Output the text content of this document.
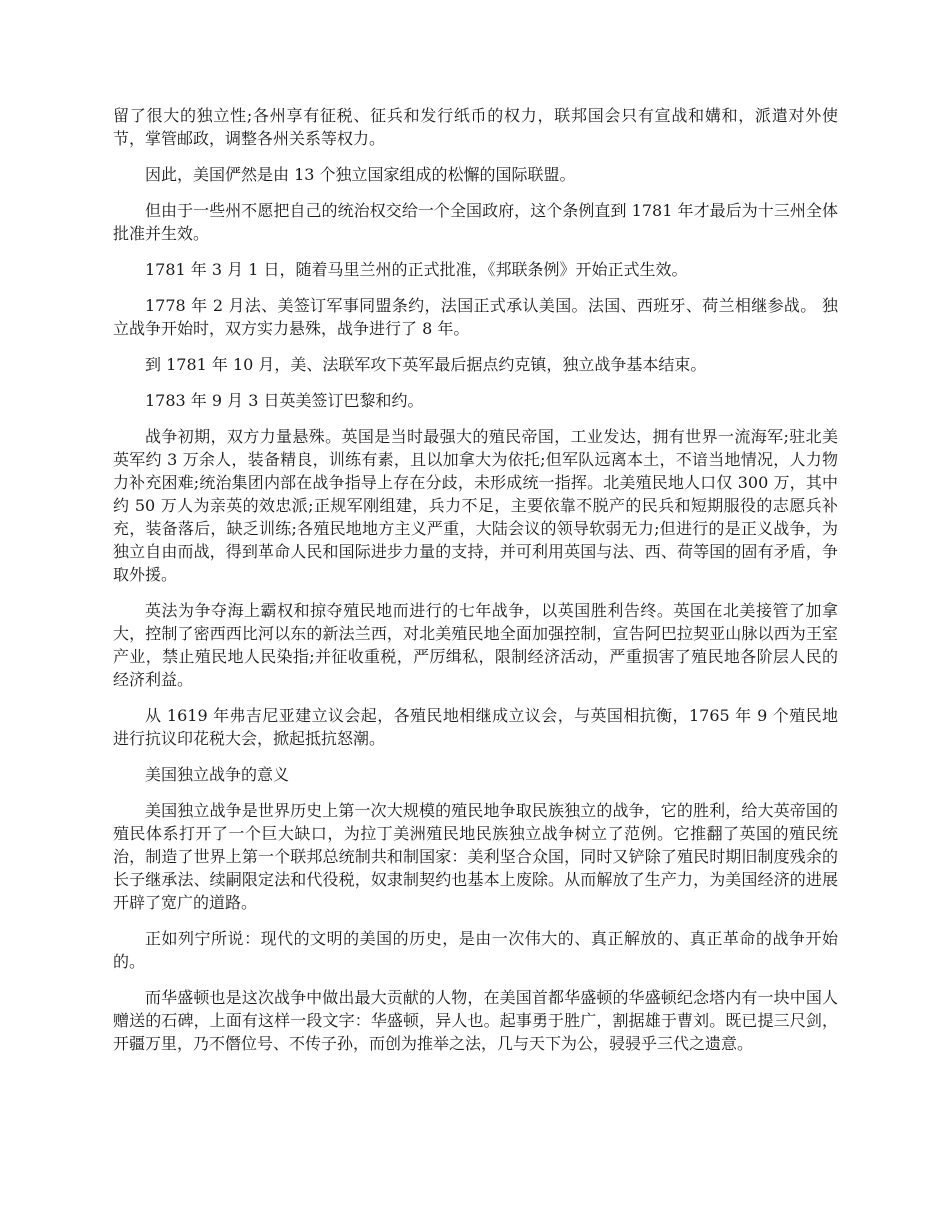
留了很大的独立性;各州享有征税、征兵和发行纸币的权力，联邦国会只有宣战和媾和，派遣对外使节，掌管邮政，调整各州关系等权力。

因此，美国俨然是由 13 个独立国家组成的松懈的国际联盟。

但由于一些州不愿把自己的统治权交给一个全国政府，这个条例直到 1781 年才最后为十三州全体批准并生效。

1781 年 3 月 1 日，随着马里兰州的正式批准，《邦联条例》开始正式生效。

1778 年 2 月法、美签订军事同盟条约，法国正式承认美国。法国、西班牙、荷兰相继参战。 独立战争开始时，双方实力悬殊，战争进行了 8 年。

到 1781 年 10 月，美、法联军攻下英军最后据点约克镇，独立战争基本结束。

1783 年 9 月 3 日英美签订巴黎和约。

战争初期，双方力量悬殊。英国是当时最强大的殖民帝国，工业发达，拥有世界一流海军;驻北美英军约 3 万余人，装备精良，训练有素，且以加拿大为依托;但军队远离本土，不谙当地情况，人力物力补充困难;统治集团内部在战争指导上存在分歧，未形成统一指挥。北美殖民地人口仅 300 万，其中约 50 万人为亲英的效忠派;正规军刚组建，兵力不足，主要依靠不脱产的民兵和短期服役的志愿兵补充，装备落后，缺乏训练;各殖民地地方主义严重，大陆会议的领导软弱无力;但进行的是正义战争，为独立自由而战，得到革命人民和国际进步力量的支持，并可利用英国与法、西、荷等国的固有矛盾，争取外援。

英法为争夺海上霸权和掠夺殖民地而进行的七年战争，以英国胜利告终。英国在北美接管了加拿大，控制了密西西比河以东的新法兰西，对北美殖民地全面加强控制，宣告阿巴拉契亚山脉以西为王室产业，禁止殖民地人民染指;并征收重税，严厉缉私，限制经济活动，严重损害了殖民地各阶层人民的经济利益。

从 1619 年弗吉尼亚建立议会起，各殖民地相继成立议会，与英国相抗衡，1765 年 9 个殖民地进行抗议印花税大会，掀起抵抗怒潮。

美国独立战争的意义

美国独立战争是世界历史上第一次大规模的殖民地争取民族独立的战争，它的胜利，给大英帝国的殖民体系打开了一个巨大缺口，为拉丁美洲殖民地民族独立战争树立了范例。它推翻了英国的殖民统治，制造了世界上第一个联邦总统制共和制国家：美利坚合众国，同时又铲除了殖民时期旧制度残余的长子继承法、续嗣限定法和代役税，奴隶制契约也基本上废除。从而解放了生产力，为美国经济的进展开辟了宽广的道路。

正如列宁所说：现代的文明的美国的历史，是由一次伟大的、真正解放的、真正革命的战争开始的。

而华盛顿也是这次战争中做出最大贡献的人物，在美国首都华盛顿的华盛顿纪念塔内有一块中国人赠送的石碑，上面有这样一段文字：华盛顿，异人也。起事勇于胜广，割据雄于曹刘。既已提三尺剑，开疆万里，乃不僭位号、不传子孙，而创为推举之法，几与天下为公，骎骎乎三代之遗意。
